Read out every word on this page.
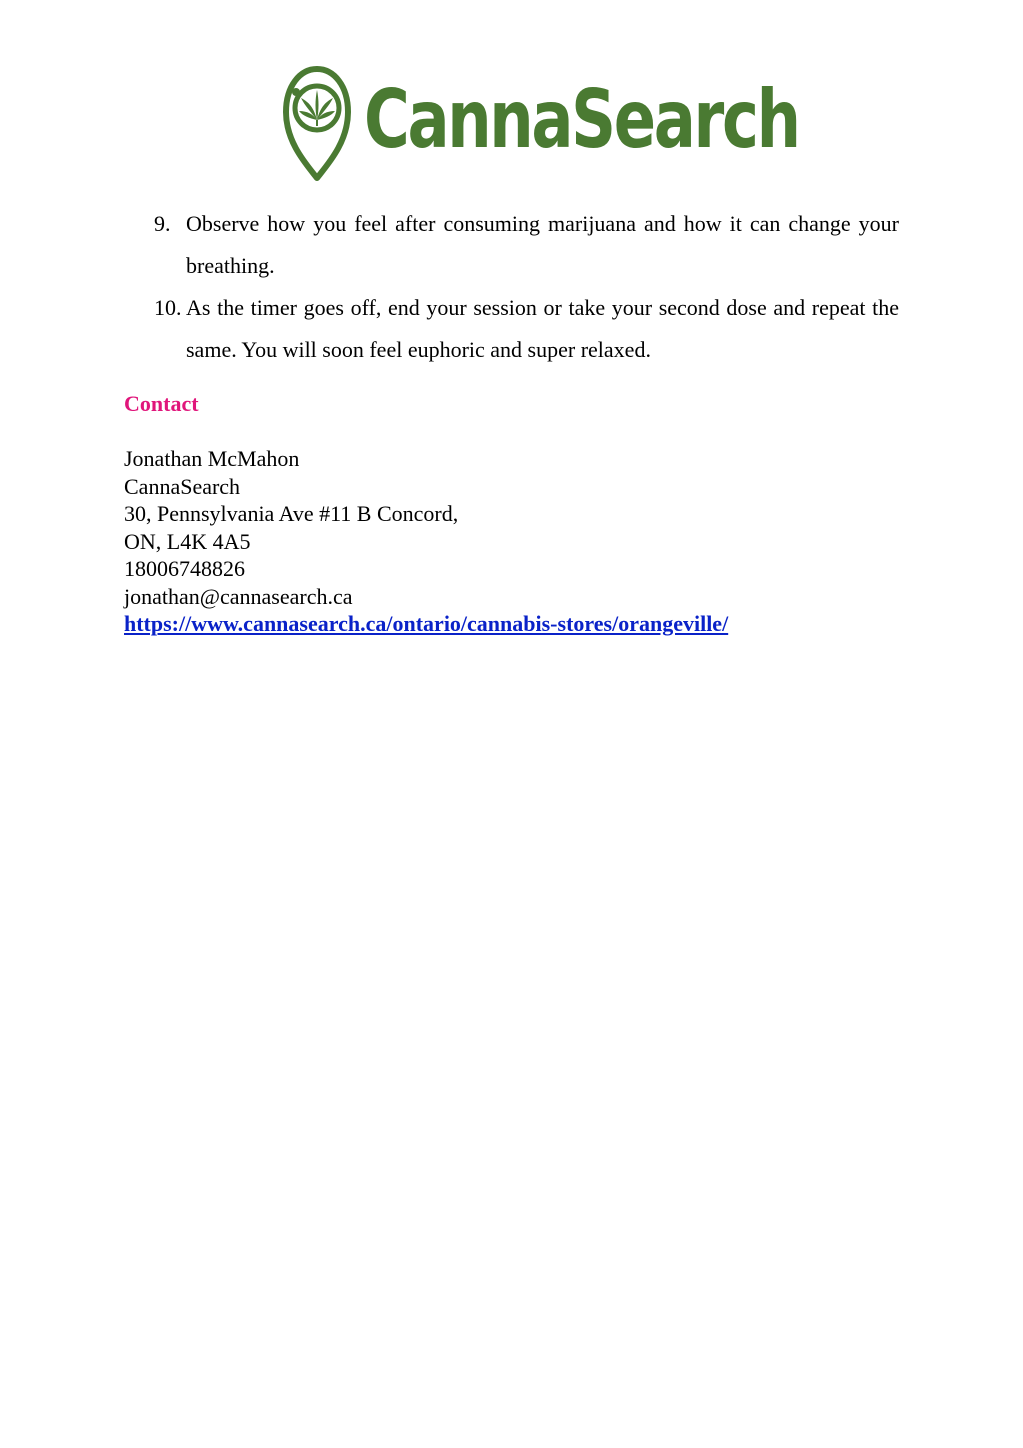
CannaSearch
9. Observe how you feel after consuming marijuana and how it can change your breathing.
10. As the timer goes off, end your session or take your second dose and repeat the same. You will soon feel euphoric and super relaxed.
Contact
Jonathan McMahon
CannaSearch
30, Pennsylvania Ave #11 B Concord,
ON, L4K 4A5
18006748826
jonathan@cannasearch.ca
https://www.cannasearch.ca/ontario/cannabis-stores/orangeville/
